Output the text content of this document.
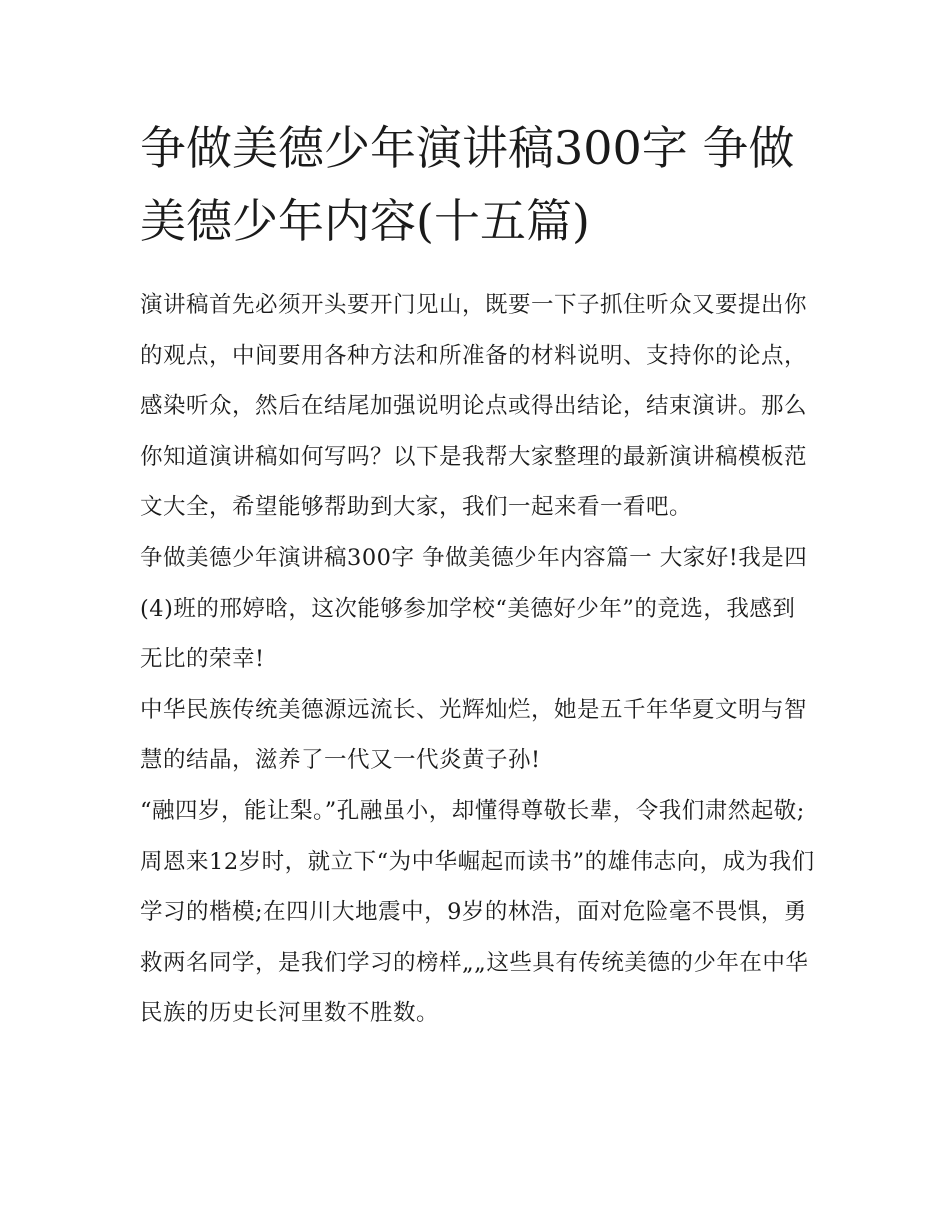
争做美德少年演讲稿300字 争做美德少年内容(十五篇)

演讲稿首先必须开头要开门见山，既要一下子抓住听众又要提出你的观点，中间要用各种方法和所准备的材料说明、支持你的论点，感染听众，然后在结尾加强说明论点或得出结论，结束演讲。那么你知道演讲稿如何写吗？以下是我帮大家整理的最新演讲稿模板范文大全，希望能够帮助到大家，我们一起来看一看吧。

争做美德少年演讲稿300字 争做美德少年内容篇一 大家好!我是四(4)班的邢婷晗，这次能够参加学校“美德好少年”的竞选，我感到无比的荣幸!

中华民族传统美德源远流长、光辉灿烂，她是五千年华夏文明与智慧的结晶，滋养了一代又一代炎黄子孙!

“融四岁，能让梨。”孔融虽小，却懂得尊敬长辈，令我们肃然起敬;周恩来12岁时，就立下“为中华崛起而读书”的雄伟志向，成为我们学习的楷模;在四川大地震中，9岁的林浩，面对危险毫不畏惧，勇救两名同学，是我们学习的榜样„„这些具有传统美德的少年在中华民族的历史长河里数不胜数。
